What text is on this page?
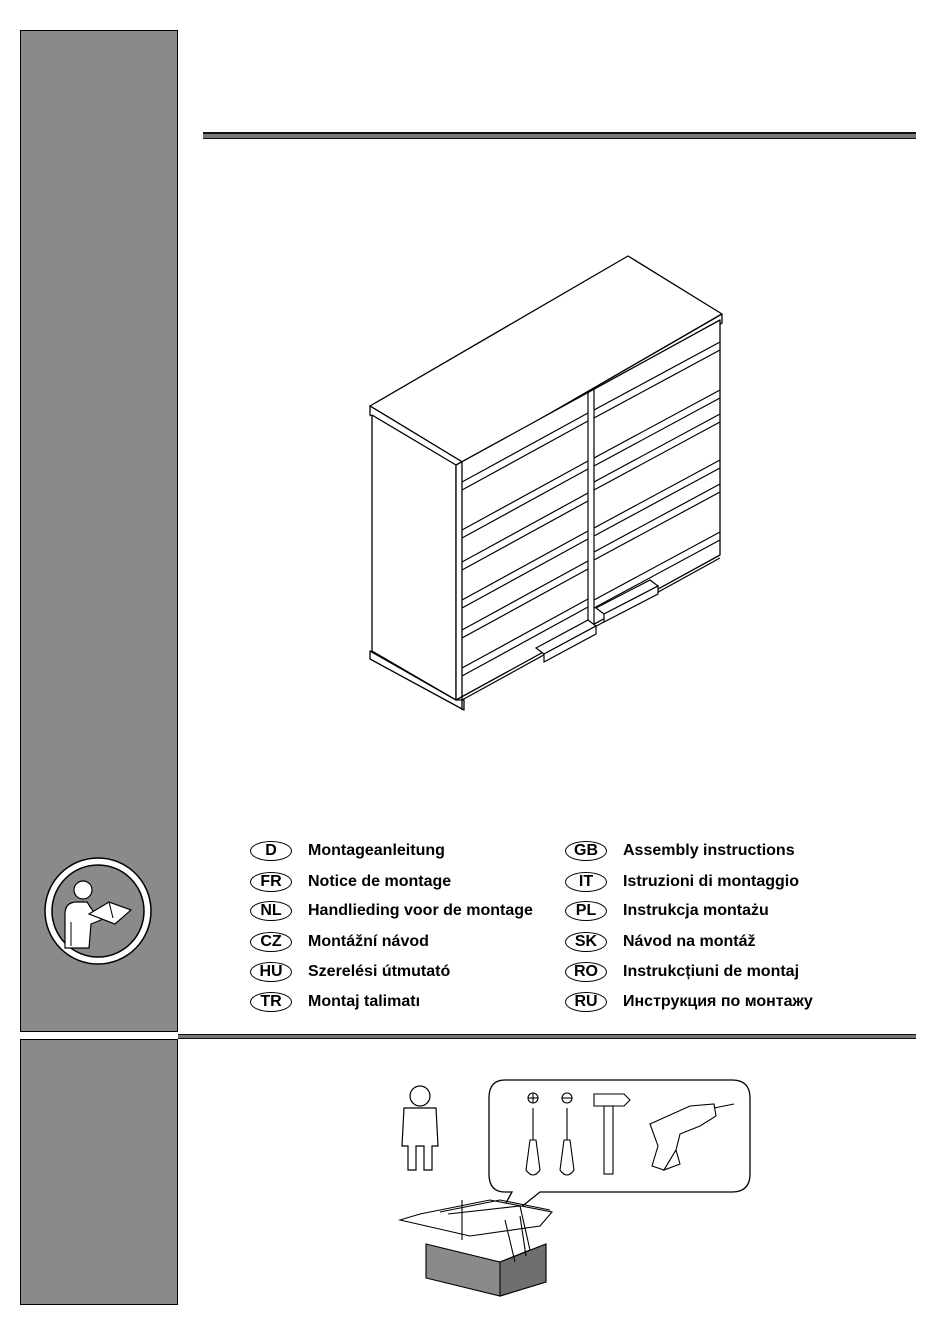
D	Montageanleitung
FR	Notice de montage
NL	Handlieding voor de montage
CZ	Montážní návod
HU	Szerelési útmutató
TR	Montaj talimatı
GB	Assembly instructions
IT	Istruzioni di montaggio
PL	Instrukcja montażu
SK	Návod na montáž
RO	Instrukcțiuni de montaj
RU	Инструкция по монтажу
